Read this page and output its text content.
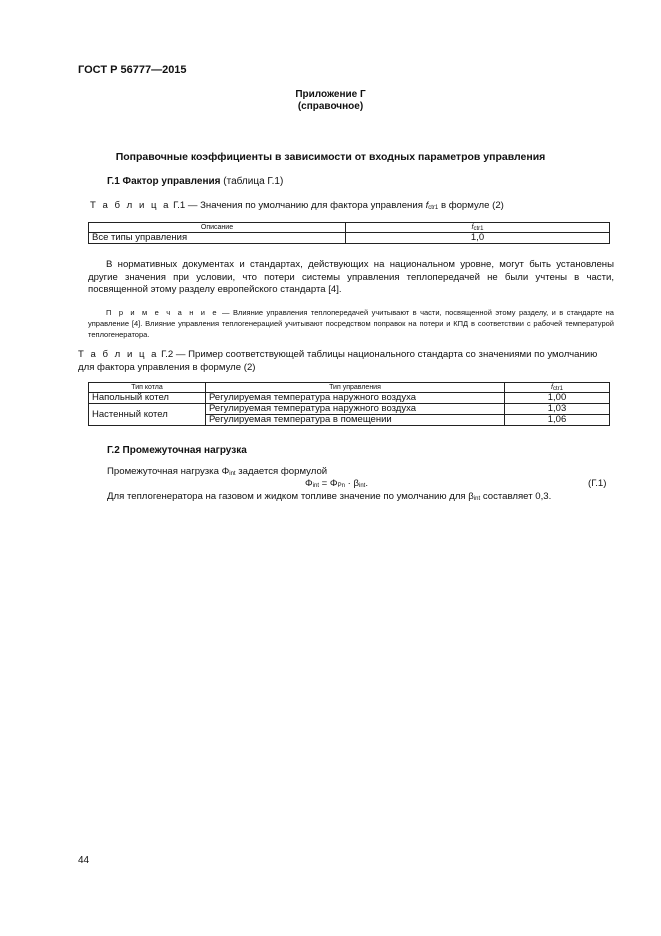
ГОСТ Р 56777—2015
Приложение Г
(справочное)
Поправочные коэффициенты в зависимости от входных параметров управления
Г.1 Фактор управления (таблица Г.1)
Т а б л и ц а Г.1 — Значения по умолчанию для фактора управления $f_{ctr1}$ в формуле (2)
Описание	$f_{ctr1}$
Все типы управления	1,0
В нормативных документах и стандартах, действующих на национальном уровне, могут быть установлены другие значения при условии, что потери системы управления теплопередачей не были учтены в части, посвященной этому разделу европейского стандарта [4].
П р и м е ч а н и е — Влияние управления теплопередачей учитывают в части, посвященной этому разделу, и в стандарте на управление [4]. Влияние управления теплогенерацией учитывают посредством поправок на потери и КПД в соответствии с рабочей температурой теплогенератора.
Т а б л и ц а Г.2 — Пример соответствующей таблицы национального стандарта со значениями по умолчанию для фактора управления в формуле (2)
Тип котла	Тип управления	$f_{ctr1}$
Напольный котел	Регулируемая температура наружного воздуха	1,00
Настенный котел	Регулируемая температура наружного воздуха	1,03
	Регулируемая температура в помещении	1,06
Г.2 Промежуточная нагрузка
Промежуточная нагрузка $\Phi_{int}$ задается формулой
$\Phi_{int} = \Phi_{Pn} \cdot \beta_{int}$.	(Г.1)
Для теплогенератора на газовом и жидком топливе значение по умолчанию для $\beta_{int}$ составляет 0,3.
44
